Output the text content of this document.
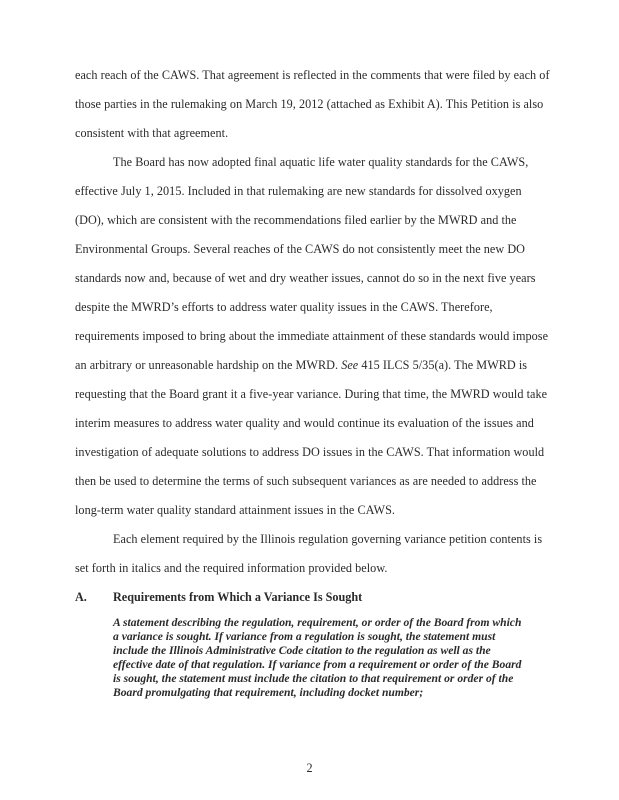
each reach of the CAWS. That agreement is reflected in the comments that were filed by each of
those parties in the rulemaking on March 19, 2012 (attached as Exhibit A). This Petition is also
consistent with that agreement.
The Board has now adopted final aquatic life water quality standards for the CAWS,
effective July 1, 2015. Included in that rulemaking are new standards for dissolved oxygen
(DO), which are consistent with the recommendations filed earlier by the MWRD and the
Environmental Groups. Several reaches of the CAWS do not consistently meet the new DO
standards now and, because of wet and dry weather issues, cannot do so in the next five years
despite the MWRD’s efforts to address water quality issues in the CAWS. Therefore,
requirements imposed to bring about the immediate attainment of these standards would impose
an arbitrary or unreasonable hardship on the MWRD. See 415 ILCS 5/35(a). The MWRD is
requesting that the Board grant it a five-year variance. During that time, the MWRD would take
interim measures to address water quality and would continue its evaluation of the issues and
investigation of adequate solutions to address DO issues in the CAWS. That information would
then be used to determine the terms of such subsequent variances as are needed to address the
long-term water quality standard attainment issues in the CAWS.
Each element required by the Illinois regulation governing variance petition contents is
set forth in italics and the required information provided below.
A. Requirements from Which a Variance Is Sought
A statement describing the regulation, requirement, or order of the Board from which
a variance is sought. If variance from a regulation is sought, the statement must
include the Illinois Administrative Code citation to the regulation as well as the
effective date of that regulation. If variance from a requirement or order of the Board
is sought, the statement must include the citation to that requirement or order of the
Board promulgating that requirement, including docket number;
2
